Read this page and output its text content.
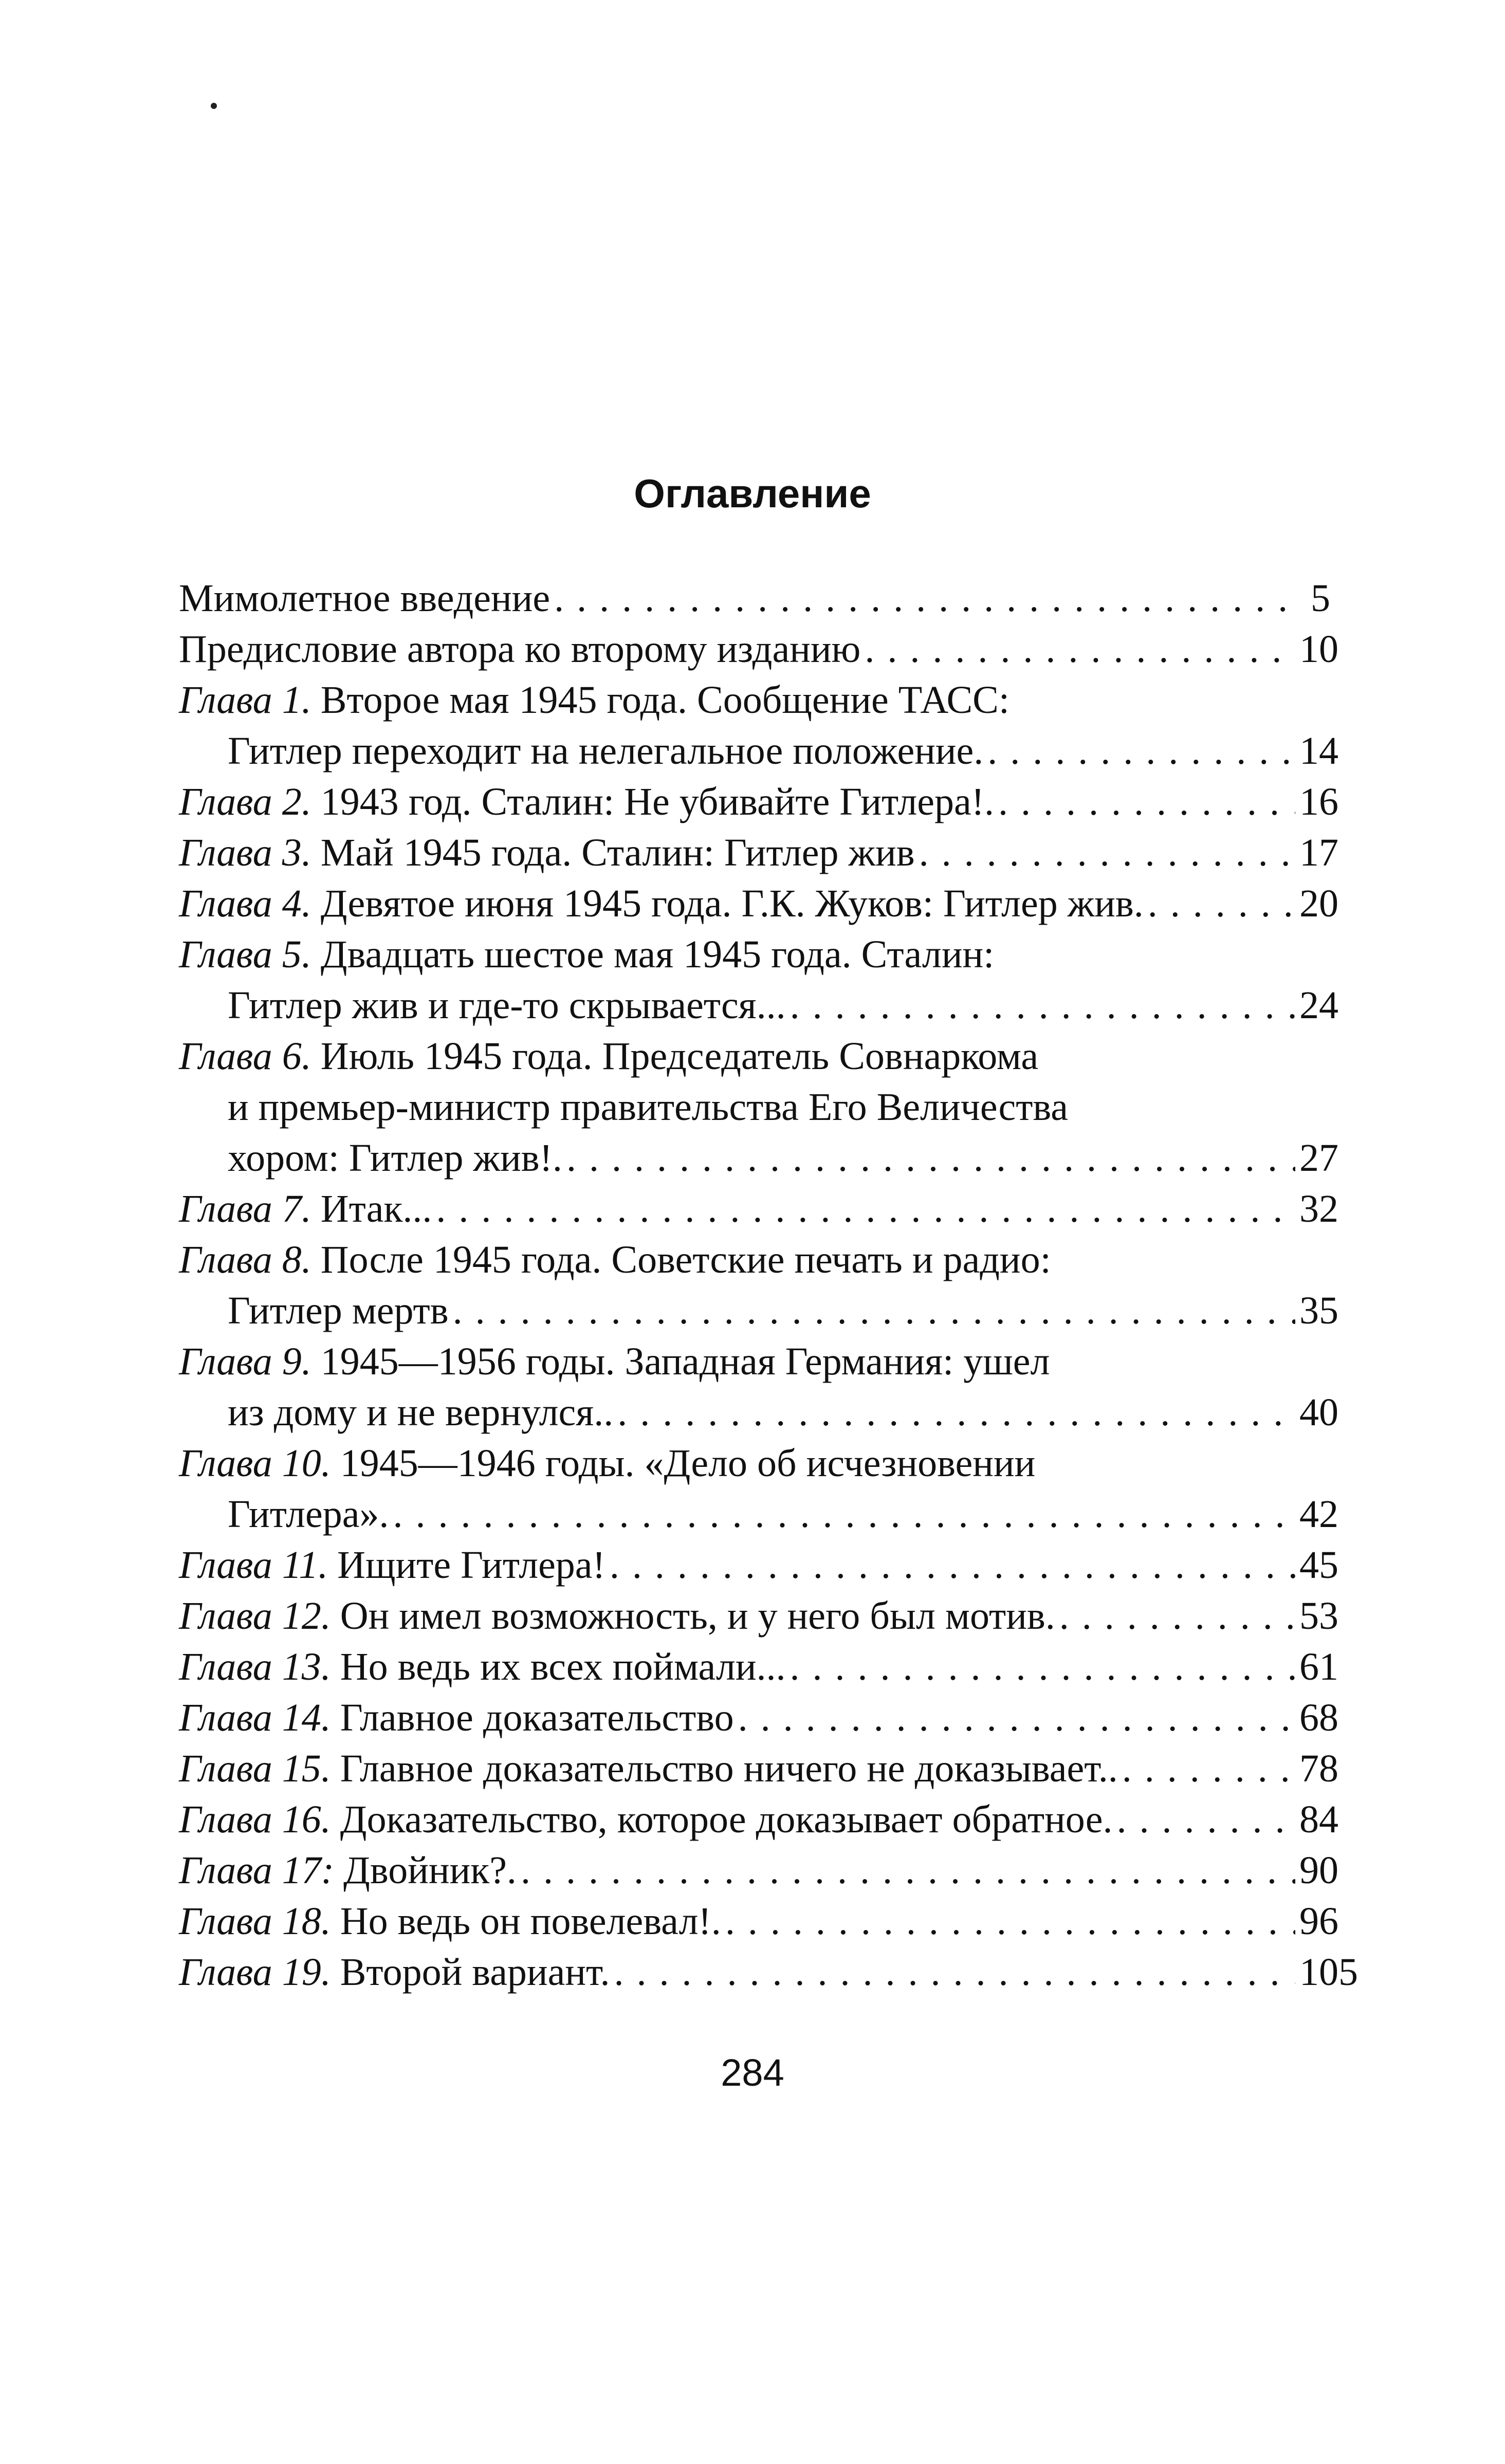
Оглавление
Мимолетное введение . . .	5
Предисловие автора ко второму изданию . . .	10
Глава 1. Второе мая 1945 года. Сообщение ТАСС:
Гитлер переходит на нелегальное положение. . . .	14
Глава 2. 1943 год. Сталин: Не убивайте Гитлера!. . . .	16
Глава 3. Май 1945 года. Сталин: Гитлер жив . . .	17
Глава 4. Девятое июня 1945 года. Г.К. Жуков: Гитлер жив. . . .	20
Глава 5. Двадцать шестое мая 1945 года. Сталин:
Гитлер жив и где-то скрывается... . . .	24
Глава 6. Июль 1945 года. Председатель Совнаркома
и премьер-министр правительства Его Величества
хором: Гитлер жив!. . . .	27
Глава 7. Итак... . . .	32
Глава 8. После 1945 года. Советские печать и радио:
Гитлер мертв . . .	35
Глава 9. 1945—1956 годы. Западная Германия: ушел
из дому и не вернулся.. . . .	40
Глава 10. 1945—1946 годы. «Дело об исчезновении
Гитлера». . . .	42
Глава 11. Ищите Гитлера! . . .	45
Глава 12. Он имел возможность, и у него был мотив. . . .	53
Глава 13. Но ведь их всех поймали... . . .	61
Глава 14. Главное доказательство . . .	68
Глава 15. Главное доказательство ничего не доказывает.. . . .	78
Глава 16. Доказательство, которое доказывает обратное. . . .	84
Глава 17: Двойник?. . . .	90
Глава 18. Но ведь он повелевал!. . . .	96
Глава 19. Второй вариант. . . .	105
284
